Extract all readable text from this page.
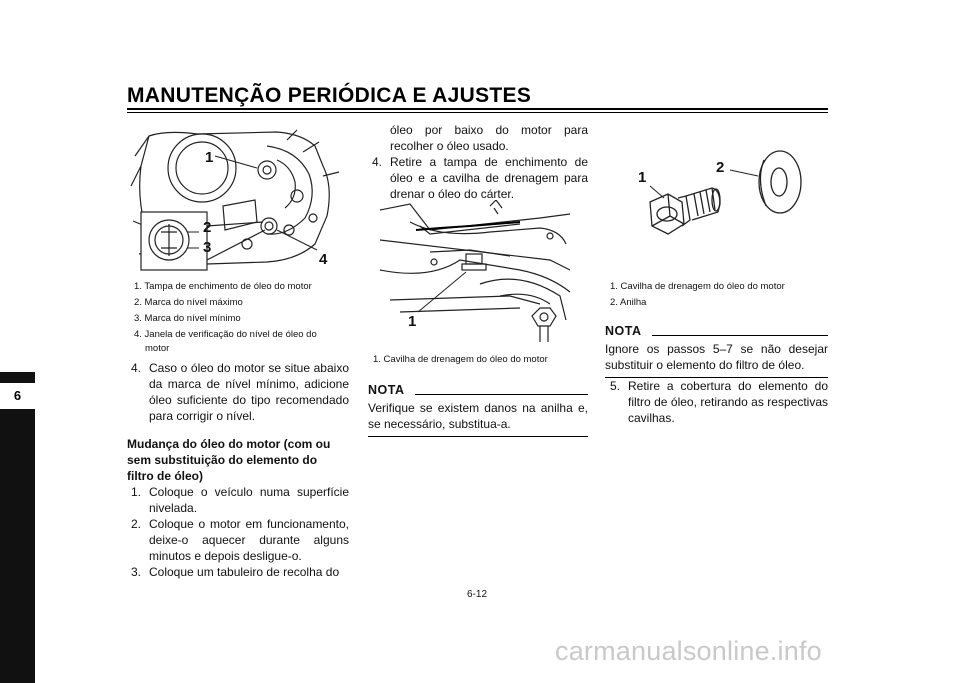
MANUTENÇÃO PERIÓDICA E AJUSTES
6
1
2
3
4
1. Tampa de enchimento de óleo do motor
2. Marca do nível máximo
3. Marca do nível mínimo
4. Janela de verificação do nível de óleo do
motor
4. Caso o óleo do motor se situe abaixo da marca de nível mínimo, adicione óleo suficiente do tipo recomendado para corrigir o nível.
Mudança do óleo do motor (com ou sem substituição do elemento do filtro de óleo)
1. Coloque o veículo numa superfície nivelada.
2. Coloque o motor em funcionamento, deixe-o aquecer durante alguns minutos e depois desligue-o.
3. Coloque um tabuleiro de recolha do
óleo por baixo do motor para recolher o óleo usado.
4. Retire a tampa de enchimento de óleo e a cavilha de drenagem para drenar o óleo do cárter.
1
1. Cavilha de drenagem do óleo do motor
NOTA
Verifique se existem danos na anilha e, se necessário, substitua-a.
1
2
1. Cavilha de drenagem do óleo do motor
2. Anilha
NOTA
Ignore os passos 5–7 se não desejar substituir o elemento do filtro de óleo.
5. Retire a cobertura do elemento do filtro de óleo, retirando as respectivas cavilhas.
6-12
carmanualsonline.info
